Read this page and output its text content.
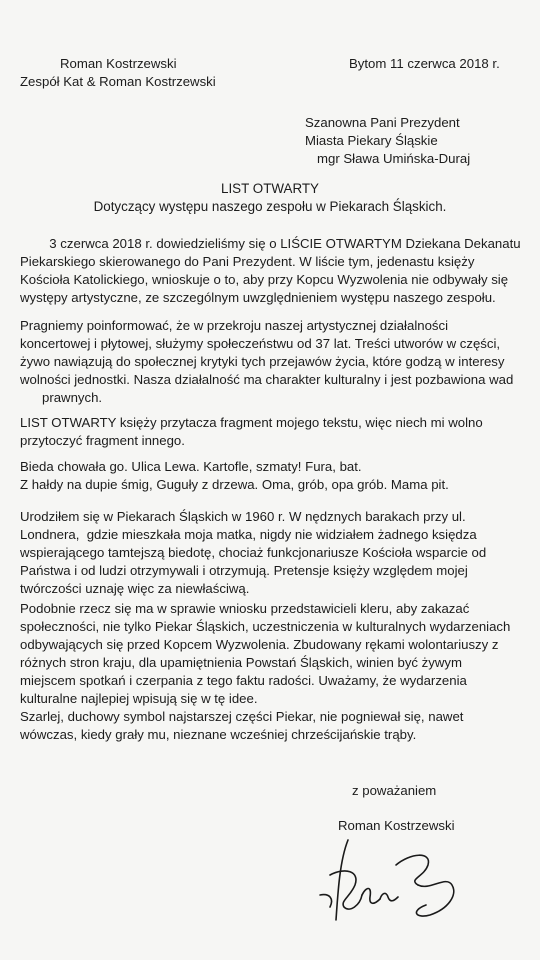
Roman Kostrzewski
Zespół Kat & Roman Kostrzewski
Bytom 11 czerwca 2018 r.
Szanowna Pani Prezydent
Miasta Piekary Śląskie
mgr Sława Umińska-Duraj
LIST OTWARTY
Dotyczący występu naszego zespołu w Piekarach Śląskich.
3 czerwca 2018 r. dowiedzieliśmy się o LIŚCIE OTWARTYM Dziekana Dekanatu
Piekarskiego skierowanego do Pani Prezydent. W liście tym, jedenastu księży
Kościoła Katolickiego, wnioskuje o to, aby przy Kopcu Wyzwolenia nie odbywały się
występy artystyczne, ze szczególnym uwzględnieniem występu naszego zespołu.
Pragniemy poinformować, że w przekroju naszej artystycznej działalności
koncertowej i płytowej, służymy społeczeństwu od 37 lat. Treści utworów w części,
żywo nawiązują do społecznej krytyki tych przejawów życia, które godzą w interesy
wolności jednostki. Nasza działalność ma charakter kulturalny i jest pozbawiona wad
prawnych.
LIST OTWARTY księży przytacza fragment mojego tekstu, więc niech mi wolno
przytoczyć fragment innego.
Bieda chowała go. Ulica Lewa. Kartofle, szmaty! Fura, bat.
Z hałdy na dupie śmig, Guguły z drzewa. Oma, grób, opa grób. Mama pit.
Urodziłem się w Piekarach Śląskich w 1960 r. W nędznych barakach przy ul.
Londnera,  gdzie mieszkała moja matka, nigdy nie widziałem żadnego księdza
wspierającego tamtejszą biedotę, chociaż funkcjonariusze Kościoła wsparcie od
Państwa i od ludzi otrzymywali i otrzymują. Pretensje księży względem mojej
twórczości uznaję więc za niewłaściwą.
Podobnie rzecz się ma w sprawie wniosku przedstawicieli kleru, aby zakazać
społeczności, nie tylko Piekar Śląskich, uczestniczenia w kulturalnych wydarzeniach
odbywających się przed Kopcem Wyzwolenia. Zbudowany rękami wolontariuszy z
różnych stron kraju, dla upamiętnienia Powstań Śląskich, winien być żywym
miejscem spotkań i czerpania z tego faktu radości. Uważamy, że wydarzenia
kulturalne najlepiej wpisują się w tę idee.
Szarlej, duchowy symbol najstarszej części Piekar, nie pogniewał się, nawet
wówczas, kiedy grały mu, nieznane wcześniej chrześcijańskie trąby.
z poważaniem
Roman Kostrzewski
